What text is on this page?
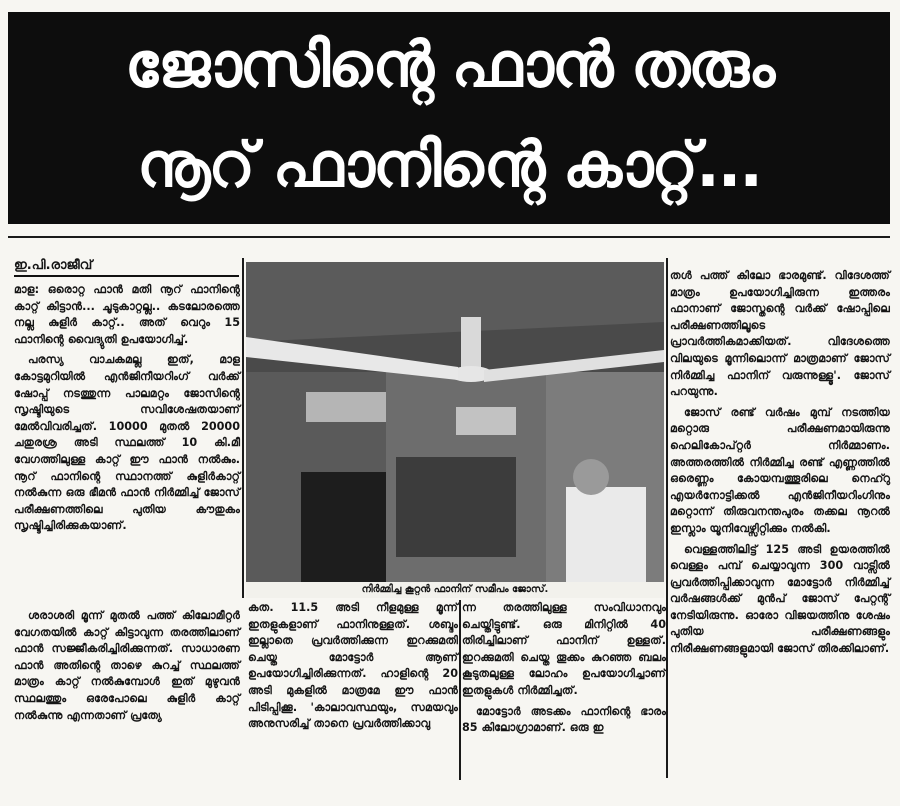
ജോസിന്റെ ഫാൻ തരും
നൂറ് ഫാനിന്റെ കാറ്റ്...
ഇ.പി.രാജീവ്

മാള: ഒരൊറ്റ ഫാൻ മതി നൂറ് ഫാനിന്റെ കാറ്റ് കിട്ടാൻ... ചൂടുകാറ്റല്ല.. കടലോരത്തെ നല്ല കുളിർ കാറ്റ്.. അത് വെറും 15 ഫാനിന്റെ വൈദ്യുതി ഉപയോഗിച്ച്.

പരസ്യ വാചകമല്ല ഇത്, മാള കോട്ടമുറിയിൽ എൻജിനീയറിംഗ് വർക്ക് ഷോപ്പ് നടത്തുന്ന പാലമറ്റം ജോസിന്റെ സൃഷ്ടിയുടെ സവിശേഷതയാണ് മേൽവിവരിച്ചത്. 10000 മുതൽ 20000 ചതുരശ്ര അടി സ്ഥലത്ത് 10 കി.മീ വേഗത്തിലുള്ള കാറ്റ് ഈ ഫാൻ നൽകും. നൂറ് ഫാനിന്റെ സ്ഥാനത്ത് കുളിർകാറ്റ് നൽകുന്ന ഒരു ഭീമൻ ഫാൻ നിർമ്മിച്ച് ജോസ് പരീക്ഷണത്തിലെ പുതിയ കൗതുകം സൃഷ്ടിച്ചിരിക്കുകയാണ്.

ശരാശരി മൂന്ന് മുതൽ പത്ത് കിലോമീറ്റർ വേഗതയിൽ കാറ്റ് കിട്ടാവുന്ന തരത്തിലാണ് ഫാൻ സജ്ജീകരിച്ചിരിക്കുന്നത്. സാധാരണ ഫാൻ അതിന്റെ താഴെ കുറച്ച് സ്ഥലത്ത് മാത്രം കാറ്റ് നൽകുമ്പോൾ ഇത് മുഴുവൻ സ്ഥലത്തും ഒരേപോലെ കുളിർ കാറ്റ് നൽകുന്നു എന്നതാണ് പ്രത്യേ

നിർമ്മിച്ച കൂറ്റൻ ഫാനിന് സമീപം ജോസ്.

കത. 11.5 അടി നീളമുള്ള മൂന്ന് ഇതളുകളാണ് ഫാനിനുള്ളത്. ശബ്ദം ഇല്ലാതെ പ്രവർത്തിക്കുന്ന ഇറക്കുമതി ചെയ്ത മോട്ടോർ ആണ് ഉപയോഗിച്ചിരിക്കുന്നത്. ഹാളിന്റെ 20 അടി മുകളിൽ മാത്രമേ ഈ ഫാൻ പിടിപ്പിക്കൂ. 'കാലാവസ്ഥയും, സമയവും അനുസരിച്ച് താനെ പ്രവർത്തിക്കാവു

ന്ന തരത്തിലുള്ള സംവിധാനവും ചെയ്തിട്ടുണ്ട്. ഒരു മിനിറ്റിൽ 40 തിരിച്ചിലാണ് ഫാനിന് ഉള്ളത്. ഇറക്കുമതി ചെയ്ത തൂക്കം കുറഞ്ഞ ബലം കൂടുതലുള്ള ലോഹം ഉപയോഗിച്ചാണ് ഇതളുകൾ നിർമ്മിച്ചത്.

മോട്ടോർ അടക്കം ഫാനിന്റെ ഭാരം 85 കിലോഗ്രാമാണ്. ഒരു ഇ

തൾ പത്ത് കിലോ ഭാരമുണ്ട്. വിദേശത്ത് മാത്രം ഉപയോഗിച്ചിരുന്ന ഇത്തരം ഫാനാണ് ജോസ്തന്റെ വർക്ക് ഷോപ്പിലെ പരീക്ഷണത്തിലൂടെ പ്രാവർത്തികമാക്കിയത്. വിദേശത്തെ വിലയുടെ മൂന്നിലൊന്ന് മാത്രമാണ് ജോസ് നിർമ്മിച്ച ഫാനിന് വരുന്നുള്ളൂ'. ജോസ് പറയുന്നു.

ജോസ് രണ്ട് വർഷം മുമ്പ് നടത്തിയ മറ്റൊരു പരീക്ഷണമായിരുന്നു ഹെലികോപ്റ്റർ നിർമ്മാണം. അത്തരത്തിൽ നിർമ്മിച്ച രണ്ട് എണ്ണത്തിൽ ഒരെണ്ണം കോയമ്പത്തൂരിലെ നെഹ്റു എയർനോട്ടിക്കൽ എൻജിനീയറിംഗിനും മറ്റൊന്ന് തിരുവനന്തപുരം തക്കല നൂറൽ ഇസ്ലാം യൂനിവേഴ്സിറ്റിക്കും നൽകി.

വെള്ളത്തിലിട്ട് 125 അടി ഉയരത്തിൽ വെള്ളം പമ്പ് ചെയ്യാവുന്ന 300 വാട്സിൽ പ്രവർത്തിപ്പിക്കാവുന്ന മോട്ടോർ നിർമ്മിച്ച് വർഷങ്ങൾക്ക് മുൻപ് ജോസ് പേറ്റന്റ് നേടിയിരുന്നു. ഓരോ വിജയത്തിനു ശേഷം പുതിയ പരീക്ഷണങ്ങളും നിരീക്ഷണങ്ങളുമായി ജോസ് തിരക്കിലാണ്.
